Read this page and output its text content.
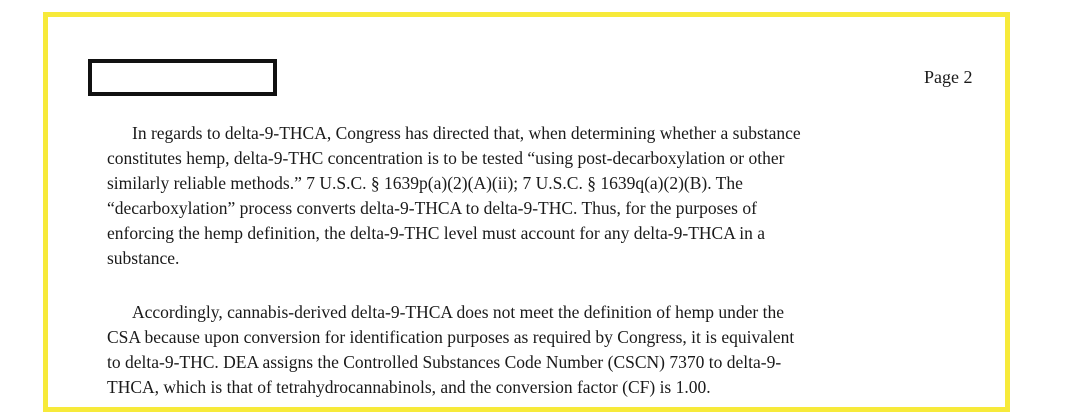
Page 2

In regards to delta-9-THCA, Congress has directed that, when determining whether a substance
constitutes hemp, delta-9-THC concentration is to be tested “using post-decarboxylation or other
similarly reliable methods.” 7 U.S.C. § 1639p(a)(2)(A)(ii); 7 U.S.C. § 1639q(a)(2)(B). The
“decarboxylation” process converts delta-9-THCA to delta-9-THC. Thus, for the purposes of
enforcing the hemp definition, the delta-9-THC level must account for any delta-9-THCA in a
substance.

Accordingly, cannabis-derived delta-9-THCA does not meet the definition of hemp under the
CSA because upon conversion for identification purposes as required by Congress, it is equivalent
to delta-9-THC. DEA assigns the Controlled Substances Code Number (CSCN) 7370 to delta-9-
THCA, which is that of tetrahydrocannabinols, and the conversion factor (CF) is 1.00.
